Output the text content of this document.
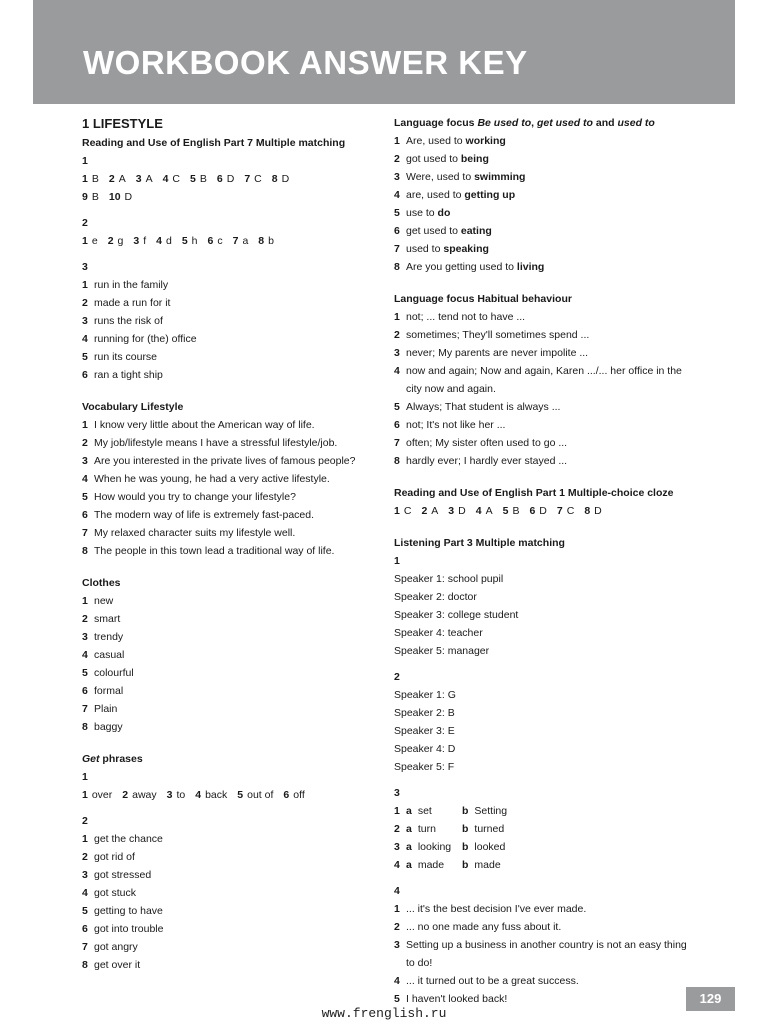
WORKBOOK ANSWER KEY
1 LIFESTYLE
Reading and Use of English Part 7 Multiple matching
1
1 B 2 A 3 A 4 C 5 B 6 D 7 C 8 D
9 B 10 D
2
1 e 2 g 3 f 4 d 5 h 6 c 7 a 8 b
3
1 run in the family
2 made a run for it
3 runs the risk of
4 running for (the) office
5 run its course
6 ran a tight ship
Vocabulary Lifestyle
1 I know very little about the American way of life.
2 My job/lifestyle means I have a stressful lifestyle/job.
3 Are you interested in the private lives of famous people?
4 When he was young, he had a very active lifestyle.
5 How would you try to change your lifestyle?
6 The modern way of life is extremely fast-paced.
7 My relaxed character suits my lifestyle well.
8 The people in this town lead a traditional way of life.
Clothes
1 new
2 smart
3 trendy
4 casual
5 colourful
6 formal
7 Plain
8 baggy
Get phrases
1
1 over 2 away 3 to 4 back 5 out of 6 off
2
1 get the chance
2 got rid of
3 got stressed
4 got stuck
5 getting to have
6 got into trouble
7 got angry
8 get over it
Language focus Be used to, get used to and used to
1 Are, used to working
2 got used to being
3 Were, used to swimming
4 are, used to getting up
5 use to do
6 get used to eating
7 used to speaking
8 Are you getting used to living
Language focus Habitual behaviour
1 not; ... tend not to have ...
2 sometimes; They'll sometimes spend ...
3 never; My parents are never impolite ...
4 now and again; Now and again, Karen .../... her office in the city now and again.
5 Always; That student is always ...
6 not; It's not like her ...
7 often; My sister often used to go ...
8 hardly ever; I hardly ever stayed ...
Reading and Use of English Part 1 Multiple-choice cloze
1 C 2 A 3 D 4 A 5 B 6 D 7 C 8 D
Listening Part 3 Multiple matching
1
Speaker 1: school pupil
Speaker 2: doctor
Speaker 3: college student
Speaker 4: teacher
Speaker 5: manager
2
Speaker 1: G
Speaker 2: B
Speaker 3: E
Speaker 4: D
Speaker 5: F
3
1 a set	b Setting
2 a turn	b turned
3 a looking	b looked
4 a made	b made
4
1 ... it's the best decision I've ever made.
2 ... no one made any fuss about it.
3 Setting up a business in another country is not an easy thing to do!
4 ... it turned out to be a great success.
5 I haven't looked back!	129
www.frenglish.ru
